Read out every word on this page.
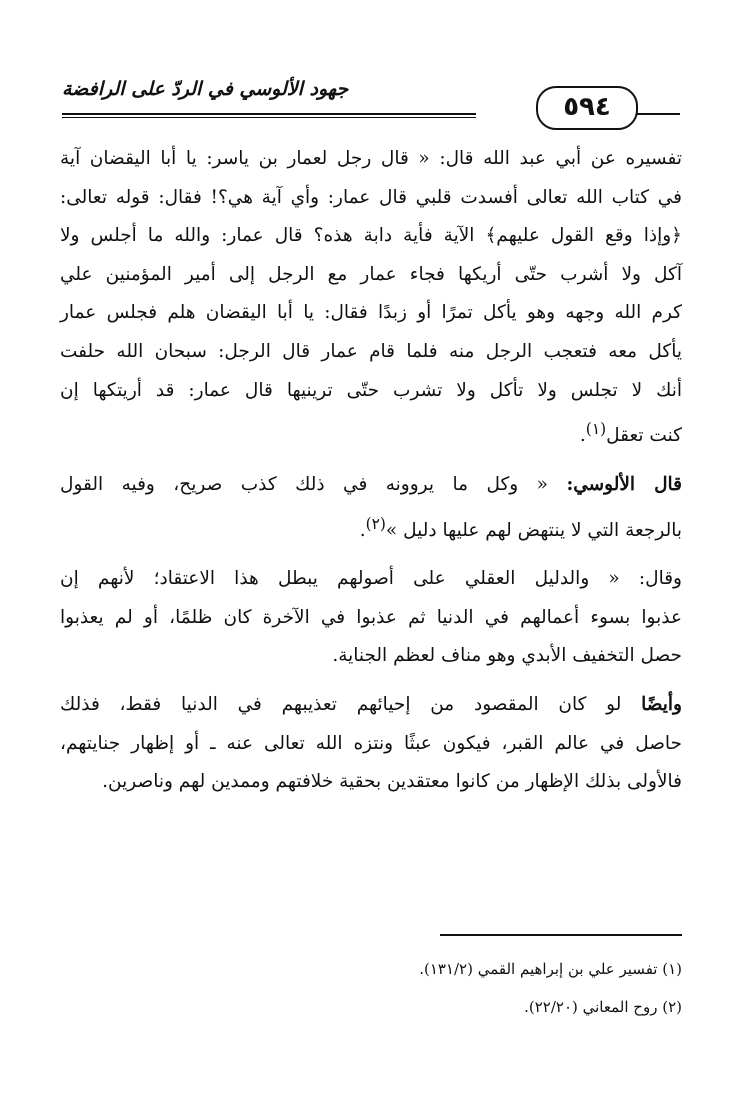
جهود الألوسي في الردّ على الرافضة
٥٩٤

تفسيره عن أبي عبد الله قال: « قال رجل لعمار بن ياسر: يا أبا اليقضان آية
في كتاب الله تعالى أفسدت قلبي قال عمار: وأي آية هي؟! فقال: قوله تعالى:
﴿وإذا وقع القول عليهم﴾ الآية فأية دابة هذه؟ قال عمار: والله ما أجلس ولا
آكل ولا أشرب حتّى أريكها فجاء عمار مع الرجل إلى أمير المؤمنين علي
كرم الله وجهه وهو يأكل تمرًا أو زبدًا فقال: يا أبا اليقضان هلم فجلس عمار
يأكل معه فتعجب الرجل منه فلما قام عمار قال الرجل: سبحان الله حلفت
أنك لا تجلس ولا تأكل ولا تشرب حتّى ترينيها قال عمار: قد أريتكها إن
كنت تعقل$^{(١)}$.

قال الألوسي: « وكل ما يروونه في ذلك كذب صريح، وفيه القول
بالرجعة التي لا ينتهض لهم عليها دليل »$^{(٢)}$.

وقال: « والدليل العقلي على أصولهم يبطل هذا الاعتقاد؛ لأنهم إن
عذبوا بسوء أعمالهم في الدنيا ثم عذبوا في الآخرة كان ظلمًا، أو لم يعذبوا
حصل التخفيف الأبدي وهو مناف لعظم الجناية.

وأيضًا لو كان المقصود من إحيائهم تعذيبهم في الدنيا فقط، فذلك
حاصل في عالم القبر، فيكون عبثًا ونتزه الله تعالى عنه ـ أو إظهار جنايتهم،
فالأولى بذلك الإظهار من كانوا معتقدين بحقية خلافتهم وممدين لهم وناصرين.

(١) تفسير علي بن إبراهيم القمي (١٣١/٢).
(٢) روح المعاني (٢٢/٢٠).
